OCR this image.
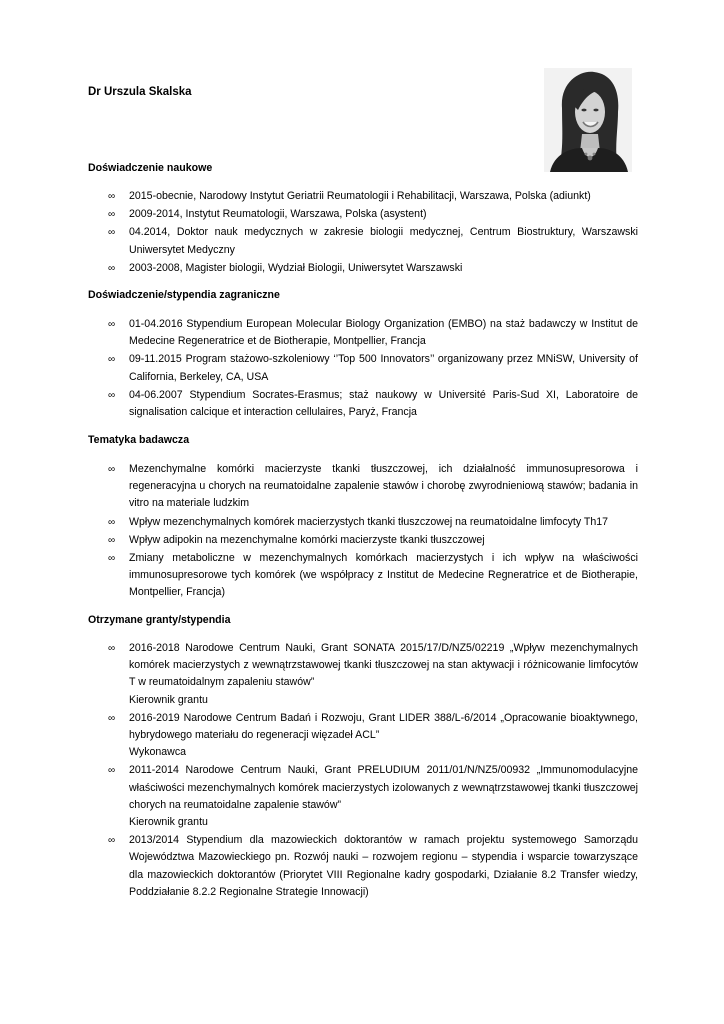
Dr Urszula Skalska
Doświadczenie naukowe
∞ 2015-obecnie, Narodowy Instytut Geriatrii Reumatologii i Rehabilitacji, Warszawa, Polska (adiunkt)
∞ 2009-2014, Instytut Reumatologii, Warszawa, Polska (asystent)
∞ 04.2014, Doktor nauk medycznych w zakresie biologii medycznej, Centrum Biostruktury, Warszawski Uniwersytet Medyczny
∞ 2003-2008, Magister biologii, Wydział Biologii, Uniwersytet Warszawski
Doświadczenie/stypendia zagraniczne
∞ 01-04.2016 Stypendium European Molecular Biology Organization (EMBO) na staż badawczy w Institut de Medecine Regeneratrice et de Biotherapie, Montpellier, Francja
∞ 09-11.2015 Program stażowo-szkoleniowy ‘’Top 500 Innovators’’ organizowany przez MNiSW, University of California, Berkeley, CA, USA
∞ 04-06.2007 Stypendium Socrates-Erasmus; staż naukowy w Université Paris-Sud XI, Laboratoire de signalisation calcique et interaction cellulaires, Paryż, Francja
Tematyka badawcza
∞ Mezenchymalne komórki macierzyste tkanki tłuszczowej, ich działalność immunosupresorowa i regeneracyjna u chorych na reumatoidalne zapalenie stawów i chorobę zwyrodnieniową stawów; badania in vitro na materiale ludzkim
∞ Wpływ mezenchymalnych komórek macierzystych tkanki tłuszczowej na reumatoidalne limfocyty Th17
∞ Wpływ adipokin na mezenchymalne komórki macierzyste tkanki tłuszczowej
∞ Zmiany metaboliczne w mezenchymalnych komórkach macierzystych i ich wpływ na właściwości immunosupresorowe tych komórek (we współpracy z Institut de Medecine Regneratrice et de Biotherapie, Montpellier, Francja)
Otrzymane granty/stypendia
∞ 2016-2018 Narodowe Centrum Nauki, Grant SONATA 2015/17/D/NZ5/02219 „Wpływ mezenchymalnych komórek macierzystych z wewnątrzstawowej tkanki tłuszczowej na stan aktywacji i różnicowanie limfocytów T w reumatoidalnym zapaleniu stawów”
Kierownik grantu
∞ 2016-2019 Narodowe Centrum Badań i Rozwoju, Grant LIDER 388/L-6/2014 „Opracowanie bioaktywnego, hybrydowego materiału do regeneracji więzadeł ACL”
Wykonawca
∞ 2011-2014 Narodowe Centrum Nauki, Grant PRELUDIUM 2011/01/N/NZ5/00932 „Immunomodulacyjne właściwości mezenchymalnych komórek macierzystych izolowanych z wewnątrzstawowej tkanki tłuszczowej chorych na reumatoidalne zapalenie stawów”
Kierownik grantu
∞ 2013/2014 Stypendium dla mazowieckich doktorantów w ramach projektu systemowego Samorządu Województwa Mazowieckiego pn. Rozwój nauki – rozwojem regionu – stypendia i wsparcie towarzyszące dla mazowieckich doktorantów (Priorytet VIII Regionalne kadry gospodarki, Działanie 8.2 Transfer wiedzy, Poddziałanie 8.2.2 Regionalne Strategie Innowacji)
